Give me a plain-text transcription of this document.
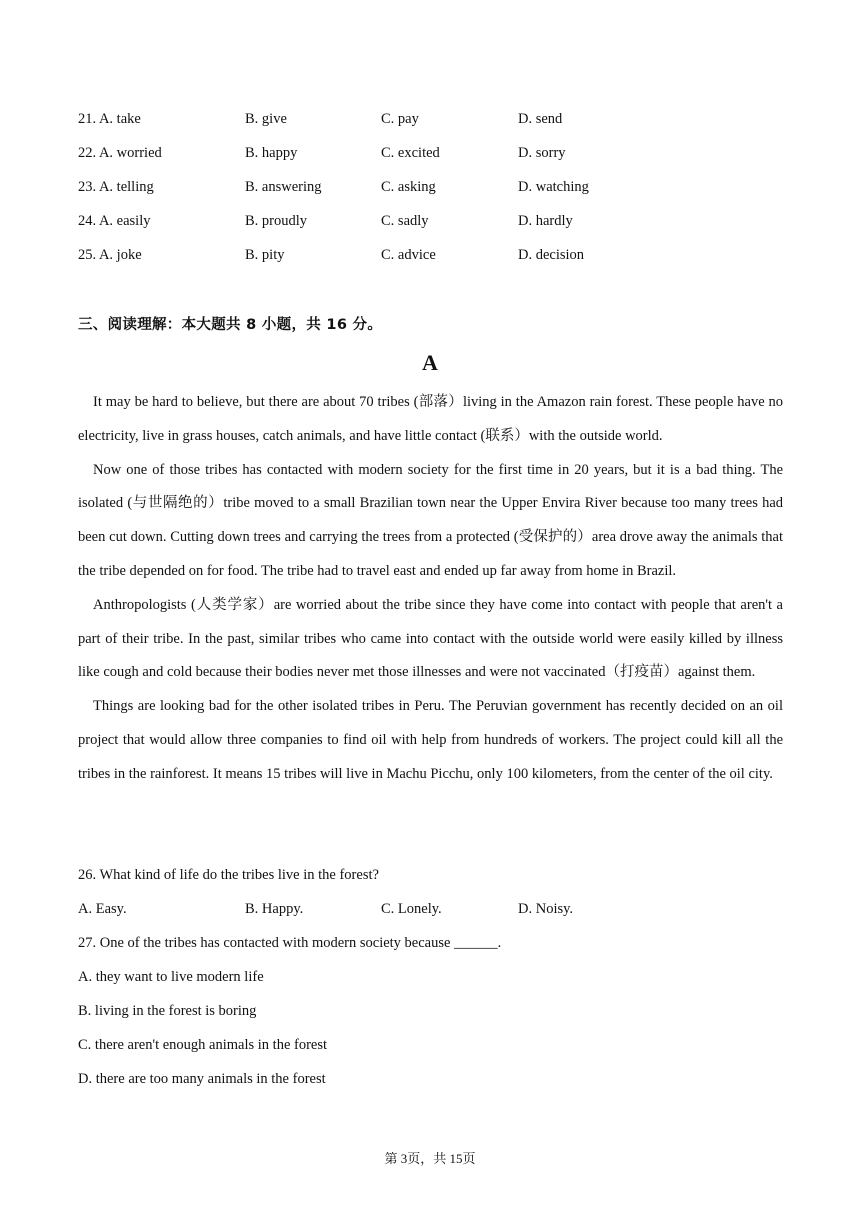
21. A. take	B. give	C. pay	D. send
22. A. worried	B. happy	C. excited	D. sorry
23. A. telling	B. answering	C. asking	D. watching
24. A. easily	B. proudly	C. sadly	D. hardly
25. A. joke	B. pity	C. advice	D. decision
三、阅读理解：本大题共 8 小题，共 16 分。
A

It may be hard to believe, but there are about 70 tribes (部落）living in the Amazon rain forest. These people have no electricity, live in grass houses, catch animals, and have little contact (联系）with the outside world.

Now one of those tribes has contacted with modern society for the first time in 20 years, but it is a bad thing. The isolated (与世隔绝的）tribe moved to a small Brazilian town near the Upper Envira River because too many trees had been cut down. Cutting down trees and carrying the trees from a protected (受保护的）area drove away the animals that the tribe depended on for food. The tribe had to travel east and ended up far away from home in Brazil.

Anthropologists (人类学家）are worried about the tribe since they have come into contact with people that aren't a part of their tribe. In the past, similar tribes who came into contact with the outside world were easily killed by illness like cough and cold because their bodies never met those illnesses and were not vaccinated（打疫苗）against them.

Things are looking bad for the other isolated tribes in Peru. The Peruvian government has recently decided on an oil project that would allow three companies to find oil with help from hundreds of workers. The project could kill all the tribes in the rainforest. It means 15 tribes will live in Machu Picchu, only 100 kilometers, from the center of the oil city.

26. What kind of life do the tribes live in the forest?
A. Easy.	B. Happy.	C. Lonely.	D. Noisy.
27. One of the tribes has contacted with modern society because ______.
A. they want to live modern life
B. living in the forest is boring
C. there aren't enough animals in the forest
D. there are too many animals in the forest
第 3页，共 15页
